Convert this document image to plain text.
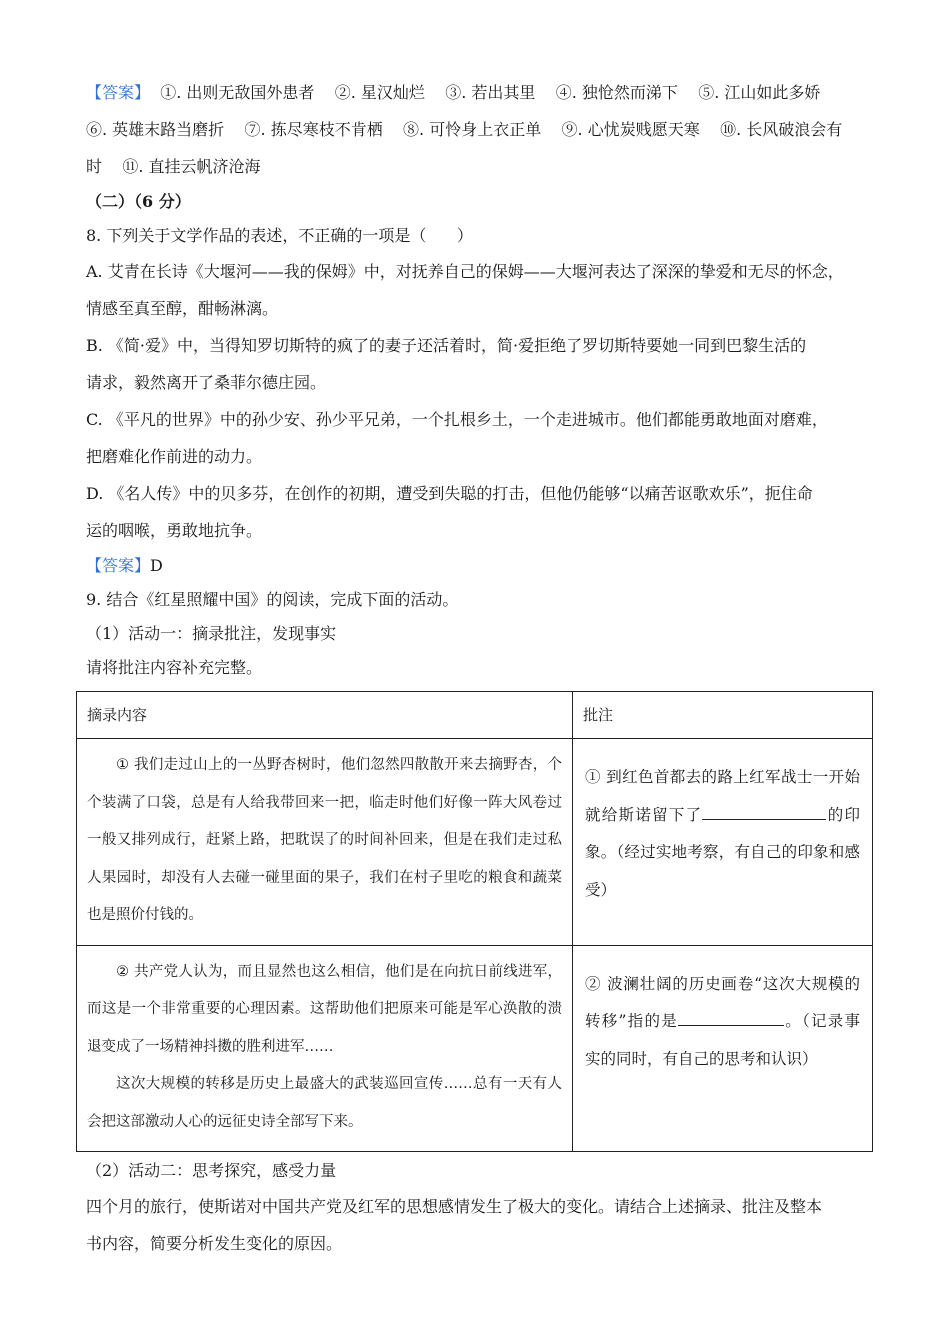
【答案】  ①. 出则无敌国外患者    ②. 星汉灿烂    ③. 若出其里    ④. 独怆然而涕下    ⑤. 江山如此多娇

⑥. 英雄末路当磨折    ⑦. 拣尽寒枝不肯栖    ⑧. 可怜身上衣正单    ⑨. 心忧炭贱愿天寒    ⑩. 长风破浪会有

时    ⑪. 直挂云帆济沧海

（二）（6 分）

8. 下列关于文学作品的表述，不正确的一项是（      ）

A. 艾青在长诗《大堰河——我的保姆》中，对抚养自己的保姆——大堰河表达了深深的挚爱和无尽的怀念，

情感至真至醇，酣畅淋漓。

B. 《简·爱》中，当得知罗切斯特的疯了的妻子还活着时，简·爱拒绝了罗切斯特要她一同到巴黎生活的

请求，毅然离开了桑菲尔德庄园。

C. 《平凡的世界》中的孙少安、孙少平兄弟，一个扎根乡土，一个走进城市。他们都能勇敢地面对磨难，

把磨难化作前进的动力。

D. 《名人传》中的贝多芬，在创作的初期，遭受到失聪的打击，但他仍能够“以痛苦讴歌欢乐”，扼住命

运的咽喉，勇敢地抗争。

【答案】D

9. 结合《红星照耀中国》的阅读，完成下面的活动。

（1）活动一：摘录批注，发现事实

请将批注内容补充完整。

摘录内容	批注

① 我们走过山上的一丛野杏树时，他们忽然四散散开来去摘野杏，个个装满了口袋，总是有人给我带回来一把，临走时他们好像一阵大风卷过一般又排列成行，赶紧上路，把耽误了的时间补回来，但是在我们走过私人果园时，却没有人去碰一碰里面的果子，我们在村子里吃的粮食和蔬菜也是照价付钱的。	① 到红色首都去的路上红军战士一开始就给斯诺留下了 的印象。（经过实地考察，有自己的印象和感受）

② 共产党人认为，而且显然也这么相信，他们是在向抗日前线进军，而这是一个非常重要的心理因素。这帮助他们把原来可能是军心涣散的溃退变成了一场精神抖擞的胜利进军……

这次大规模的转移是历史上最盛大的武装巡回宣传……总有一天有人会把这部激动人心的远征史诗全部写下来。	② 波澜壮阔的历史画卷“这次大规模的转移”指的是 。（记录事实的同时，有自己的思考和认识）

（2）活动二：思考探究，感受力量

四个月的旅行，使斯诺对中国共产党及红军的思想感情发生了极大的变化。请结合上述摘录、批注及整本

书内容，简要分析发生变化的原因。
